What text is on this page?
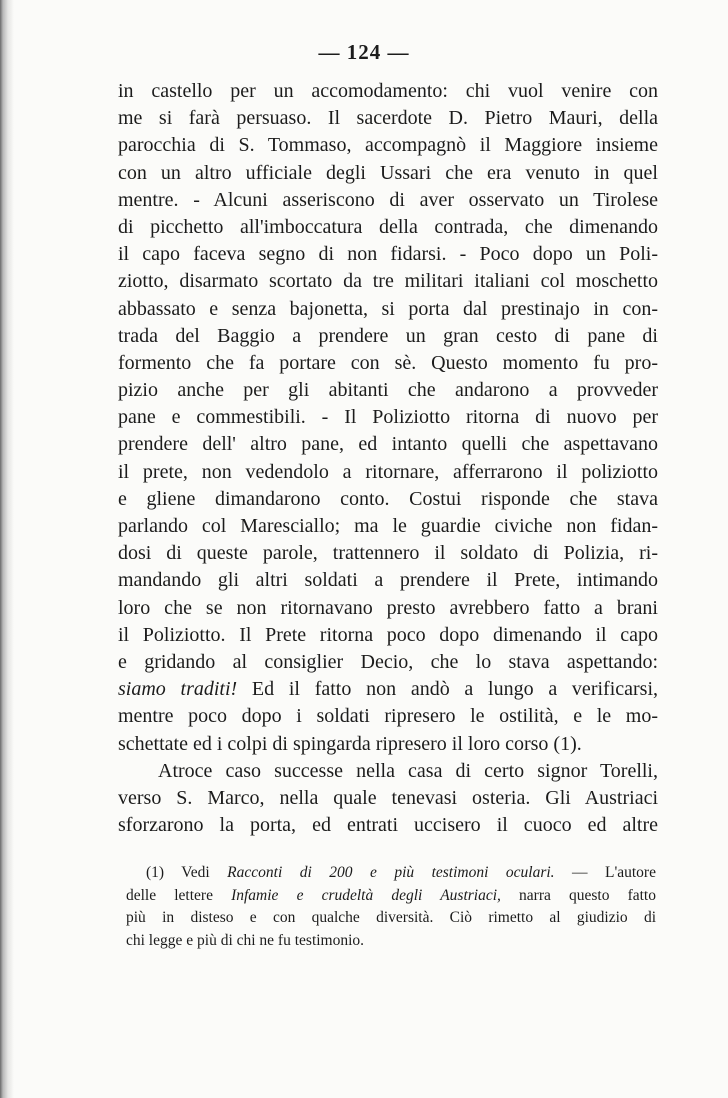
— 124 —
in castello per un accomodamento: chi vuol venire con
me si farà persuaso. Il sacerdote D. Pietro Mauri, della
parocchia di S. Tommaso, accompagnò il Maggiore insieme
con un altro ufficiale degli Ussari che era venuto in quel
mentre. - Alcuni asseriscono di aver osservato un Tirolese
di picchetto all'imboccatura della contrada, che dimenando
il capo faceva segno di non fidarsi. - Poco dopo un Poli-
ziotto, disarmato scortato da tre militari italiani col moschetto
abbassato e senza bajonetta, si porta dal prestinajo in con-
trada del Baggio a prendere un gran cesto di pane di
formento che fa portare con sè. Questo momento fu pro-
pizio anche per gli abitanti che andarono a provveder
pane e commestibili. - Il Poliziotto ritorna di nuovo per
prendere dell' altro pane, ed intanto quelli che aspettavano
il prete, non vedendolo a ritornare, afferrarono il poliziotto
e gliene dimandarono conto. Costui risponde che stava
parlando col Maresciallo; ma le guardie civiche non fidan-
dosi di queste parole, trattennero il soldato di Polizia, ri-
mandando gli altri soldati a prendere il Prete, intimando
loro che se non ritornavano presto avrebbero fatto a brani
il Poliziotto. Il Prete ritorna poco dopo dimenando il capo
e gridando al consiglier Decio, che lo stava aspettando:
siamo traditi! Ed il fatto non andò a lungo a verificarsi,
mentre poco dopo i soldati ripresero le ostilità, e le mo-
schettate ed i colpi di spingarda ripresero il loro corso (1).
Atroce caso successe nella casa di certo signor Torelli,
verso S. Marco, nella quale tenevasi osteria. Gli Austriaci
sforzarono la porta, ed entrati uccisero il cuoco ed altre
(1) Vedi Racconti di 200 e più testimoni oculari. — L'autore
delle lettere Infamie e crudeltà degli Austriaci, narra questo fatto
più in disteso e con qualche diversità. Ciò rimetto al giudizio di
chi legge e più di chi ne fu testimonio.
